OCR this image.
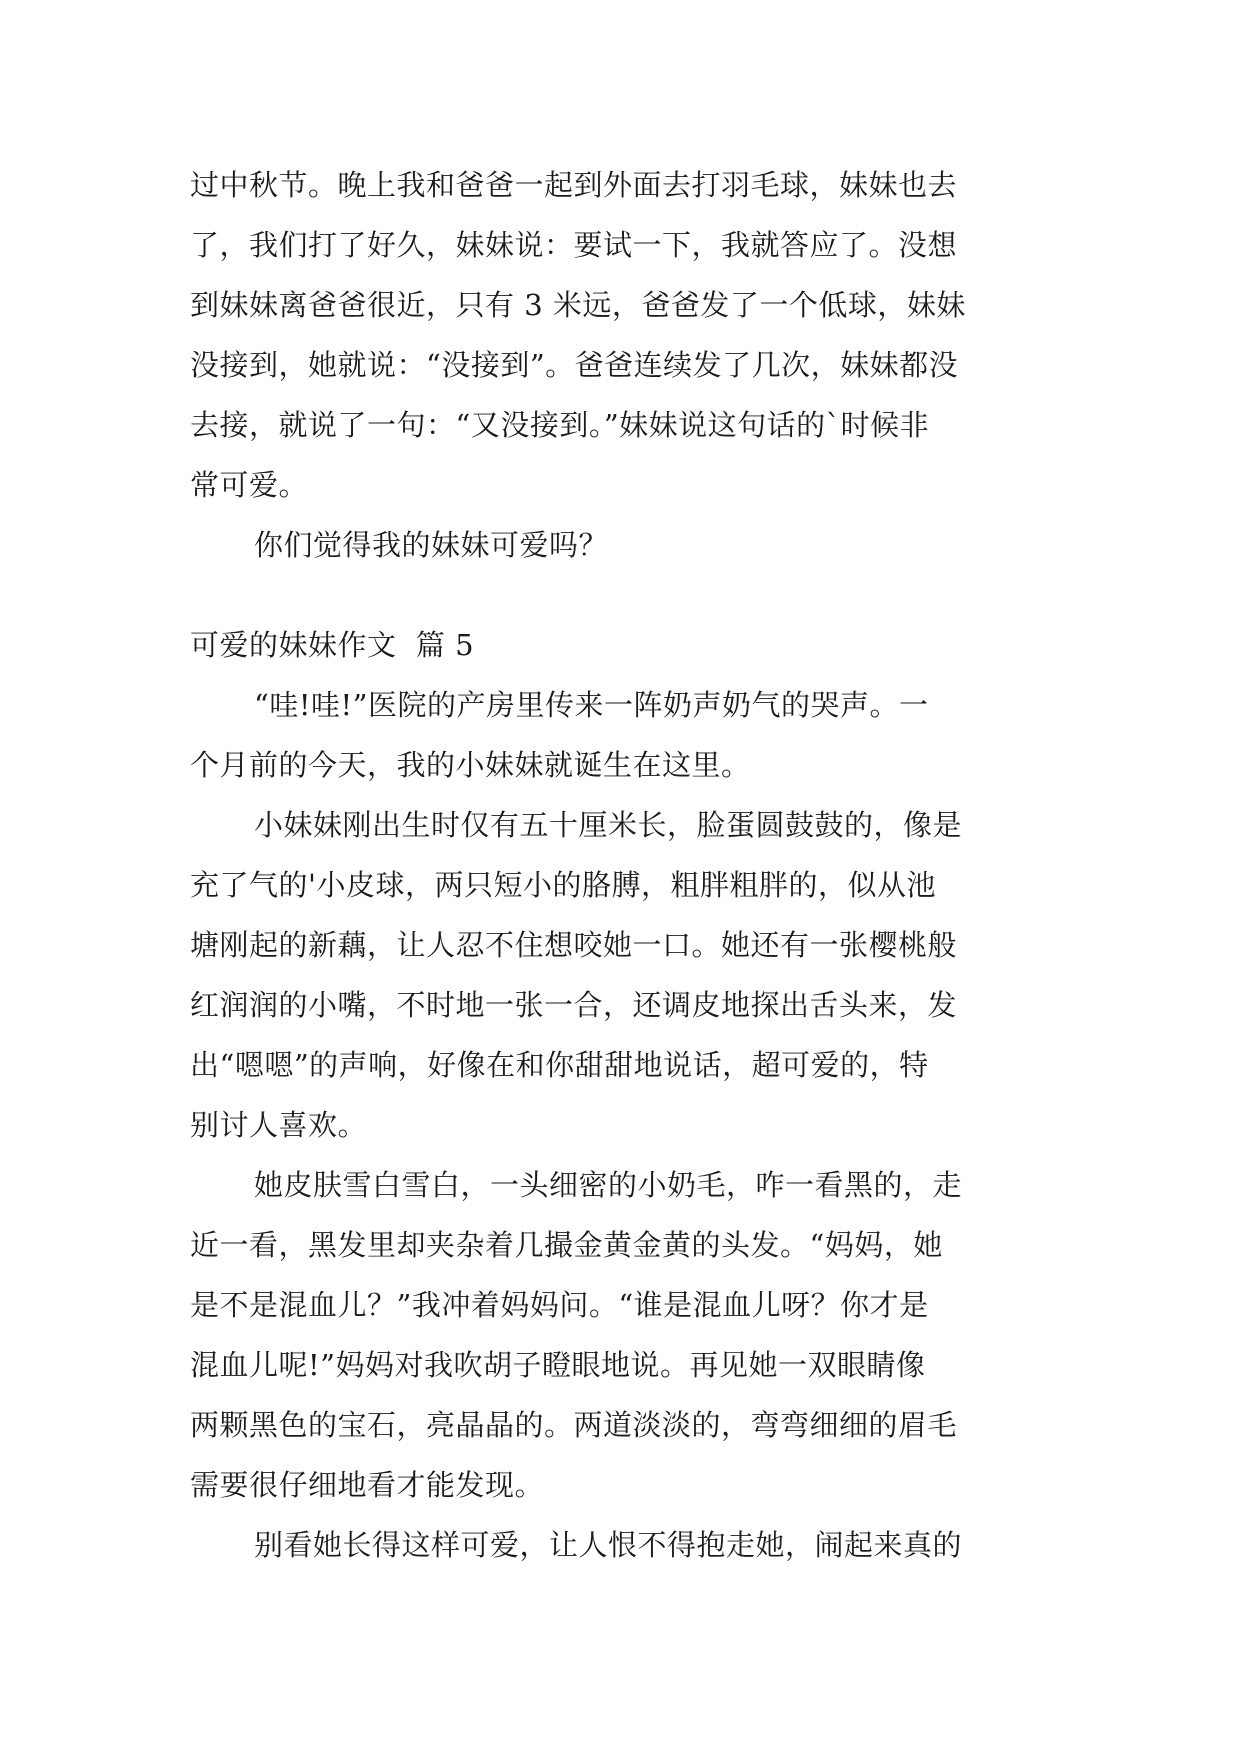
过中秋节。晚上我和爸爸一起到外面去打羽毛球，妹妹也去
了，我们打了好久，妹妹说：要试一下，我就答应了。没想
到妹妹离爸爸很近，只有 3 米远，爸爸发了一个低球，妹妹
没接到，她就说：“没接到”。爸爸连续发了几次，妹妹都没
去接，就说了一句：“又没接到。”妹妹说这句话的`时候非
常可爱。
你们觉得我的妹妹可爱吗？
可爱的妹妹作文  篇 5
“哇!哇!”医院的产房里传来一阵奶声奶气的哭声。一
个月前的今天，我的小妹妹就诞生在这里。
小妹妹刚出生时仅有五十厘米长，脸蛋圆鼓鼓的，像是
充了气的'小皮球，两只短小的胳膊，粗胖粗胖的，似从池
塘刚起的新藕，让人忍不住想咬她一口。她还有一张樱桃般
红润润的小嘴，不时地一张一合，还调皮地探出舌头来，发
出“嗯嗯”的声响，好像在和你甜甜地说话，超可爱的，特
别讨人喜欢。
她皮肤雪白雪白，一头细密的小奶毛，咋一看黑的，走
近一看，黑发里却夹杂着几撮金黄金黄的头发。“妈妈，她
是不是混血儿？”我冲着妈妈问。“谁是混血儿呀？你才是
混血儿呢!”妈妈对我吹胡子瞪眼地说。再见她一双眼睛像
两颗黑色的宝石，亮晶晶的。两道淡淡的，弯弯细细的眉毛
需要很仔细地看才能发现。
别看她长得这样可爱，让人恨不得抱走她，闹起来真的
